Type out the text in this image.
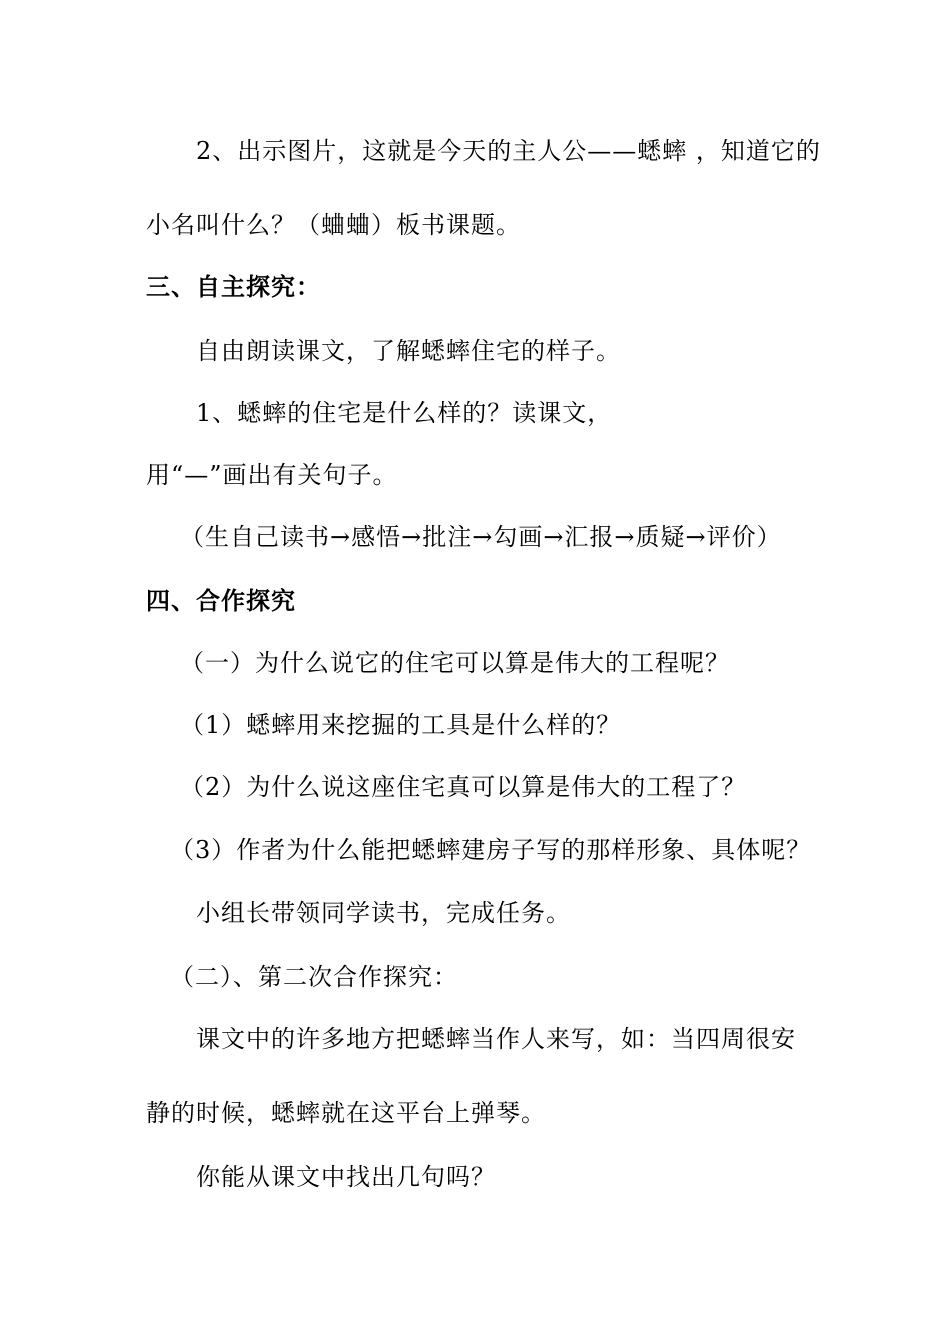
2、出示图片，这就是今天的主人公——蟋蟀 ，知道它的
小名叫什么？（蛐蛐）板书课题。
三、自主探究：
自由朗读课文，了解蟋蟀住宅的样子。
1、蟋蟀的住宅是什么样的？读课文，
用“—”画出有关句子。
（生自己读书→感悟→批注→勾画→汇报→质疑→评价）
四、合作探究
（一）为什么说它的住宅可以算是伟大的工程呢？
（1）蟋蟀用来挖掘的工具是什么样的？
（2）为什么说这座住宅真可以算是伟大的工程了？
（3）作者为什么能把蟋蟀建房子写的那样形象、具体呢？
小组长带领同学读书，完成任务。
（二）、第二次合作探究：
课文中的许多地方把蟋蟀当作人来写，如：当四周很安
静的时候，蟋蟀就在这平台上弹琴。
你能从课文中找出几句吗？
